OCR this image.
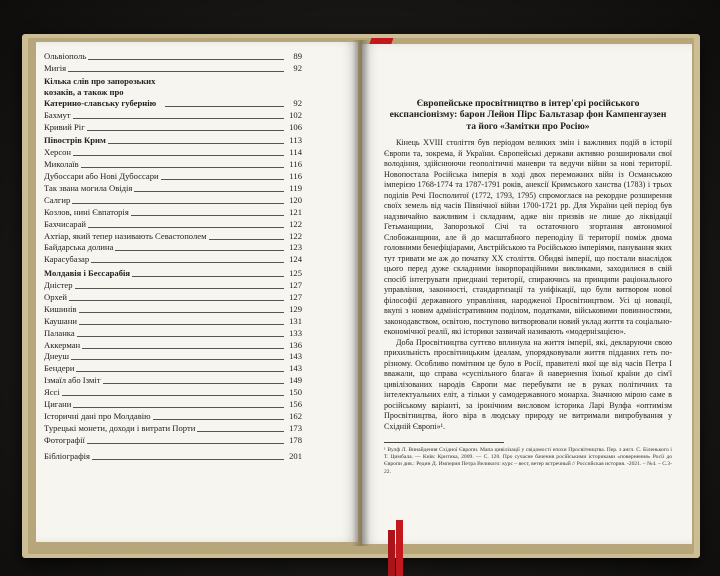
Ольвіополь	89
Мигія	92
Кілька слів про запорозьких козаків, а також про Катерино-славську губернію	92
Бахмут	102
Кривий Ріг	106
Півострів Крим	113
Херсон	114
Миколаїв	116
Дубоссари або Нові Дубоссари	116
Так звана могила Овідія	119
Салгир	120
Козлов, нині Євпаторія	121
Бахчисарай	122
Ахтіар, який тепер називають Севастополем	122
Байдарська долина	123
Карасубазар	124
Молдавія і Бессарабія	125
Дністер	127
Орхей	127
Кишинів	129
Каушани	131
Паланка	133
Аккерман	136
Днеуш	143
Бендери	143
Ізмаїл або Ізміт	149
Яссі	150
Цигани	156
Історичні дані про Молдавію	162
Турецькі монети, доходи і витрати Порти	173
Фотографії	178
Бібліографія	201

Європейське просвітництво в інтер'єрі російського експансіонізму: барон Лейон Пірс Бальтазар фон Кампенгаузен та його «Замітки про Росію»

Кінець XVIII століття був періодом великих змін і важливих подій в історії Європи та, зокрема, й України. Європейські держави активно розширювали свої володіння, здійснюючи геополітичні маневри та ведучи війни за нові території. Новопостала Російська імперія в ході двох переможних війн із Османською імперією 1768-1774 та 1787-1791 років, анексії Кримського ханства (1783) і трьох поділів Речі Посполитої (1772, 1793, 1795) спромоглася на рекордне розширення своїх земель від часів Північної війни 1700-1721 рр. Для України цей період був надзвичайно важливим і складним, адже він призвів не лише до ліквідації Гетьманщини, Запорозької Січі та остаточного згортання автономної Слобожанщини, але й до масштабного переподілу її території поміж двома головними бенефіціарами, Австрійською та Російською імперіями, панування яких тут тривати ме аж до початку XX століття. Обидві імперії, що постали внаслідок цього перед дуже складними інкорпораційними викликами, заходилися в свій спосіб інтегрувати приєднані території, спираючись на принципи раціонального управління, законності, стандартизації та уніфікації, що були витвором нової філософії державного управління, народженої Просвітництвом. Усі ці новації, вкупі з новим адміністративним поділом, податками, військовими повинностями, законодавством, освітою, поступово витворювали новий уклад життя та соціально-економічної реалії, які історики зазвичай називають «модернізацією».

Доба Просвітництва суттєво вплинула на життя імперії, які, декларуючи свою прихильність просвітницьким ідеалам, упорядковували життя підданих геть по-різному. Особливо помітним це було в Росії, правителі якої ще від часів Петра I вважали, що справа «суспільного блага» й навернення їхньої країни до сім'ї цивілізованих народів Європи має перебувати не в руках політичних та інтелектуальних еліт, а тільки у самодержавного монарха. Значною мірою саме в російському варіанті, за іронічним висловом історика Ларі Вулфа «оптимізм Просвітництва, його віра в людську природу не витримали випробування у Східній Європі»¹.

¹ Вулф Л. Винайдення Східної Європи. Мапа цивілізації у свідомості епохи Просвітництва. Пер. з англ. С. Біленького і Т. Цимбала. — Київ: Критика, 2009. — С. 120. Про сучасне бачення російськими істориками «повернення» Росії до Європи див.: Редин Д. Империя Петра Великого: курс – вест, ветер встречный // Российская история. -2021. – №4. – С.3-22.
